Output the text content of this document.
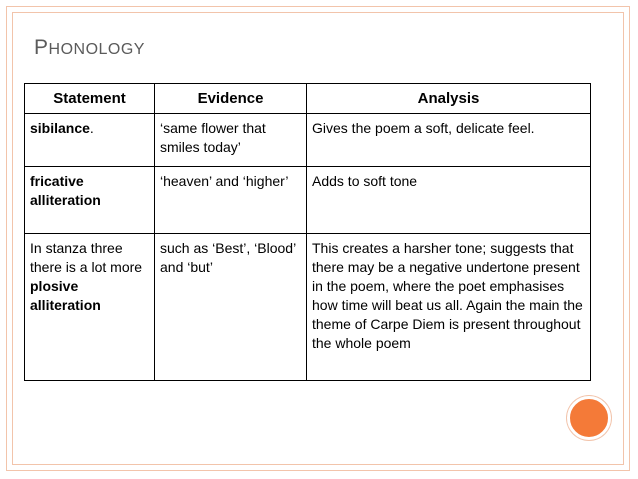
PHONOLOGY
Statement	Evidence	Analysis
sibilance.	‘same flower that smiles today’	Gives the poem a soft, delicate feel.
fricative alliteration	‘heaven’ and ‘higher’	Adds to soft tone
In stanza three there is a lot more plosive alliteration	such as ‘Best’, ‘Blood’ and ‘but’	This creates a harsher tone; suggests that there may be a negative undertone present in the poem, where the poet emphasises how time will beat us all. Again the main the theme of Carpe Diem is present throughout the whole poem
